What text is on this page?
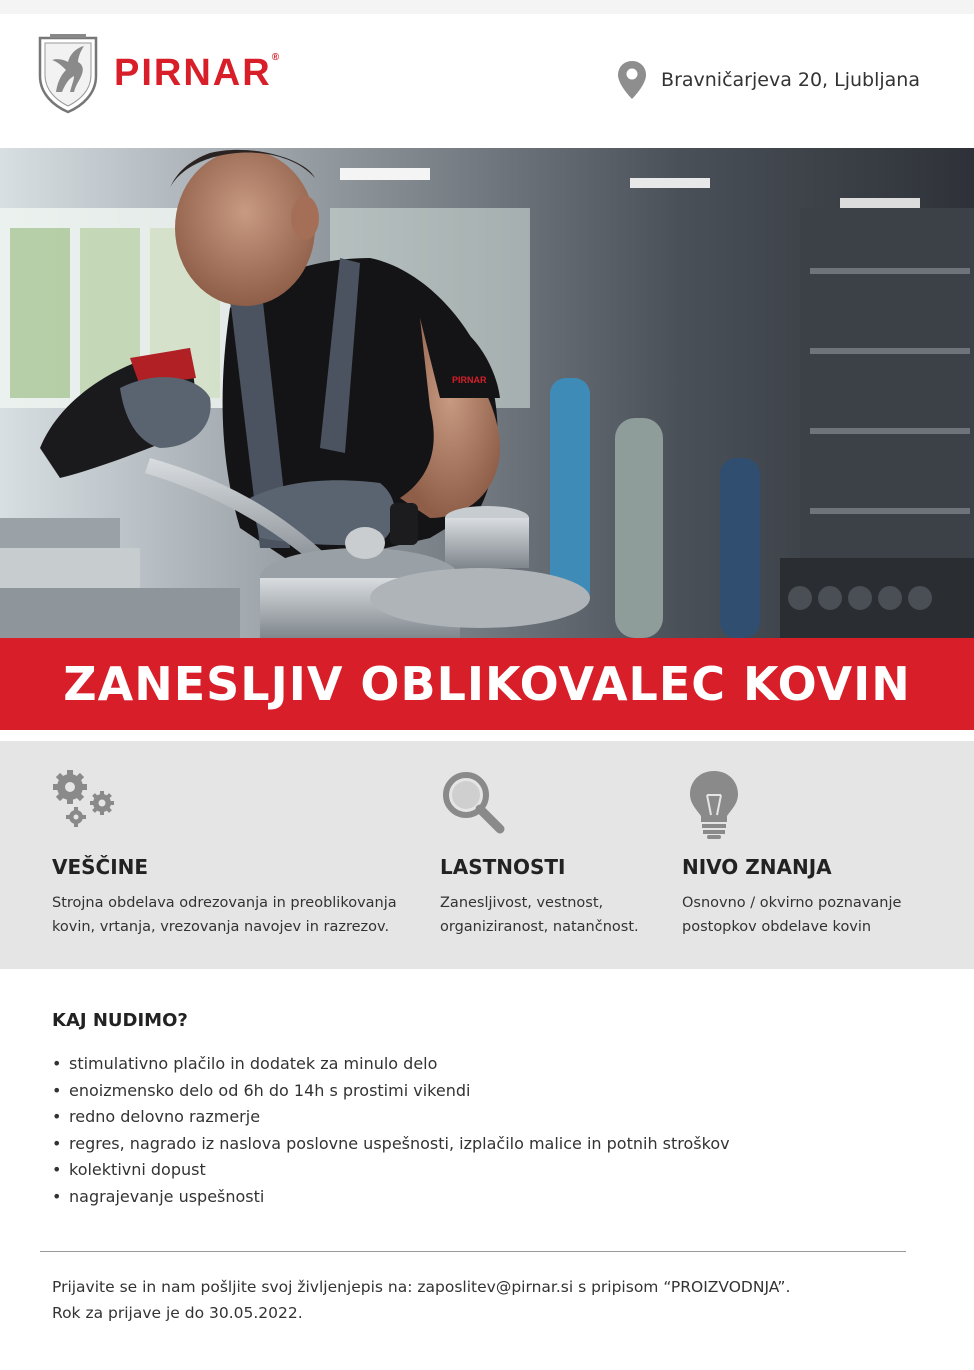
PIRNAR®
Bravničarjeva 20, Ljubljana
PIRNAR
ZANESLJIV OBLIKOVALEC KOVIN
VEŠČINE

Strojna obdelava odrezovanja in preoblikovanja kovin, vrtanja, vrezovanja navojev in razrezov.

LASTNOSTI

Zanesljivost, vestnost, organiziranost, natančnost.

NIVO ZNANJA

Osnovno / okvirno poznavanje postopkov obdelave kovin

KAJ NUDIMO?
• stimulativno plačilo in dodatek za minulo delo
• enoizmensko delo od 6h do 14h s prostimi vikendi
• redno delovno razmerje
• regres, nagrado iz naslova poslovne uspešnosti, izplačilo malice in potnih stroškov
• kolektivni dopust
• nagrajevanje uspešnosti

Prijavite se in nam pošljite svoj življenjepis na: zaposlitev@pirnar.si s pripisom “PROIZVODNJA”.

Rok za prijave je do 30.05.2022.
